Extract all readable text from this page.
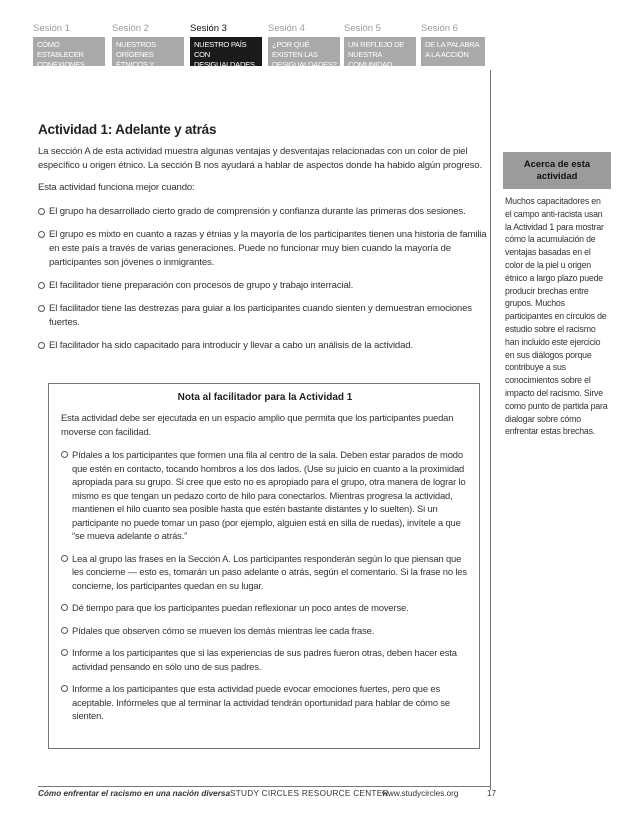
Sesión 1
CÓMO ESTABLECER CONEXIONES
Sesión 2
NUESTROS ORÍGENES ÉTNICOS Y RACIALES
Sesión 3
NUESTRO PAÍS CON DESIGUALDADES
Sesión 4
¿POR QUÉ EXISTEN LAS DESIGUALDADES?
Sesión 5
UN REFLEJO DE NUESTRA COMUNIDAD
Sesión 6
DE LA PALABRA A LA ACCIÓN
Actividad 1: Adelante y atrás
La sección A de esta actividad muestra algunas ventajas y desventajas relacionadas con un color de piel específico u origen étnico. La sección B nos ayudará a hablar de aspectos donde ha habido algún progreso.
Esta actividad funciona mejor cuando:
El grupo ha desarrollado cierto grado de comprensión y confianza durante las primeras dos sesiones.
El grupo es mixto en cuanto a razas y étnias y la mayoría de los participantes tienen una historia de familia en este país a través de varias generaciones. Puede no funcionar muy bien cuando la mayoría de participantes son jóvenes o inmigrantes.
El facilitador tiene preparación con procesos de grupo y trabajo interracial.
El facilitador tiene las destrezas para guiar a los participantes cuando sienten y demuestran emociones fuertes.
El facilitador ha sido capacitado para introducir y llevar a cabo un análisis de la actividad.
Nota al facilitador para la Actividad 1
Esta actividad debe ser ejecutada en un espacio amplio que permita que los participantes puedan moverse con facilidad.
Pídales a los participantes que formen una fila al centro de la sala. Deben estar parados de modo que estén en contacto, tocando hombros a los dos lados. (Use su juicio en cuanto a la proximidad apropiada para su grupo. Si cree que esto no es apropiado para el grupo, otra manera de lograr lo mismo es que tengan un pedazo corto de hilo para conectarlos. Mientras progresa la actividad, mantienen el hilo cuanto sea posible hasta que estén bastante distantes y lo suelten). Si un participante no puede tomar un paso (por ejemplo, alguien está en silla de ruedas), invítele a que “se mueva adelante o atrás.”
Lea al grupo las frases en la Sección A. Los participantes responderán según lo que piensan que les concierne — esto es, tomarán un paso adelante o atrás, según el comentario. Si la frase no les concierne, los participantes quedan en su lugar.
Dé tiempo para que los participantes puedan reflexionar un poco antes de moverse.
Pídales que observen cómo se mueven los demás mientras lee cada frase.
Informe a los participantes que si las experiencias de sus padres fueron otras, deben hacer esta actividad pensando en sólo uno de sus padres.
Informe a los participantes que esta actividad puede evocar emociones fuertes, pero que es aceptable. Infórmeles que al terminar la actividad tendrán oportunidad para hablar de cómo se sienten.
Acerca de esta actividad
Muchos capacitadores en el campo anti-racista usan la Actividad 1 para mostrar cómo la acumulación de ventajas basadas en el color de la piel u origen étnico a largo plazo puede producir brechas entre grupos. Muchos participantes en círculos de estudio sobre el racismo han incluido este ejercicio en sus diálogos porque contribuye a sus conocimientos sobre el impacto del racismo. Sirve como punto de partida para dialogar sobre cómo enfrentar estas brechas.
Cómo enfrentar el racismo en una nación diversa STUDY CIRCLES RESOURCE CENTER
www.studycircles.org	17
